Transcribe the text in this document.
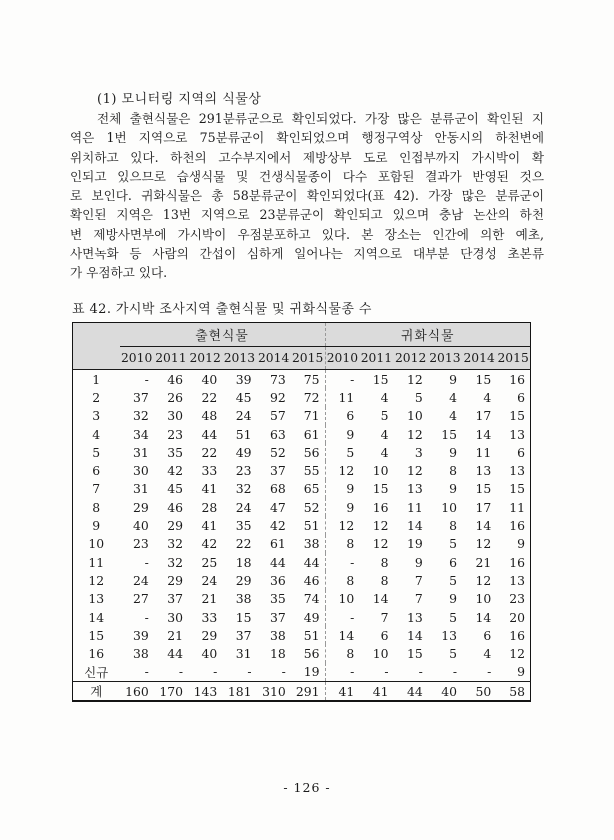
(1) 모니터링 지역의 식물상
전체 출현식물은 291분류군으로 확인되었다. 가장 많은 분류군이 확인된 지
역은 1번 지역으로 75분류군이 확인되었으며 행정구역상 안동시의 하천변에
위치하고 있다. 하천의 고수부지에서 제방상부 도로 인접부까지 가시박이 확
인되고 있으므로 습생식물 및 건생식물종이 다수 포함된 결과가 반영된 것으
로 보인다. 귀화식물은 총 58분류군이 확인되었다(표 42). 가장 많은 분류군이
확인된 지역은 13번 지역으로 23분류군이 확인되고 있으며 충남 논산의 하천
변 제방사면부에 가시박이 우점분포하고 있다. 본 장소는 인간에 의한 예초,
사면녹화 등 사람의 간섭이 심하게 일어나는 지역으로 대부분 단경성 초본류
가 우점하고 있다.
표 42. 가시박 조사지역 출현식물 및 귀화식물종 수
	출현식물						귀화식물					
	2010	2011	2012	2013	2014	2015	2010	2011	2012	2013	2014	2015
1	-	46	40	39	73	75	-	15	12	9	15	16
2	37	26	22	45	92	72	11	4	5	4	4	6
3	32	30	48	24	57	71	6	5	10	4	17	15
4	34	23	44	51	63	61	9	4	12	15	14	13
5	31	35	22	49	52	56	5	4	3	9	11	6
6	30	42	33	23	37	55	12	10	12	8	13	13
7	31	45	41	32	68	65	9	15	13	9	15	15
8	29	46	28	24	47	52	9	16	11	10	17	11
9	40	29	41	35	42	51	12	12	14	8	14	16
10	23	32	42	22	61	38	8	12	19	5	12	9
11	-	32	25	18	44	44	-	8	9	6	21	16
12	24	29	24	29	36	46	8	8	7	5	12	13
13	27	37	21	38	35	74	10	14	7	9	10	23
14	-	30	33	15	37	49	-	7	13	5	14	20
15	39	21	29	37	38	51	14	6	14	13	6	16
16	38	44	40	31	18	56	8	10	15	5	4	12
신규	-	-	-	-	-	19	-	-	-	-	-	9
계	160	170	143	181	310	291	41	41	44	40	50	58
- 126 -
